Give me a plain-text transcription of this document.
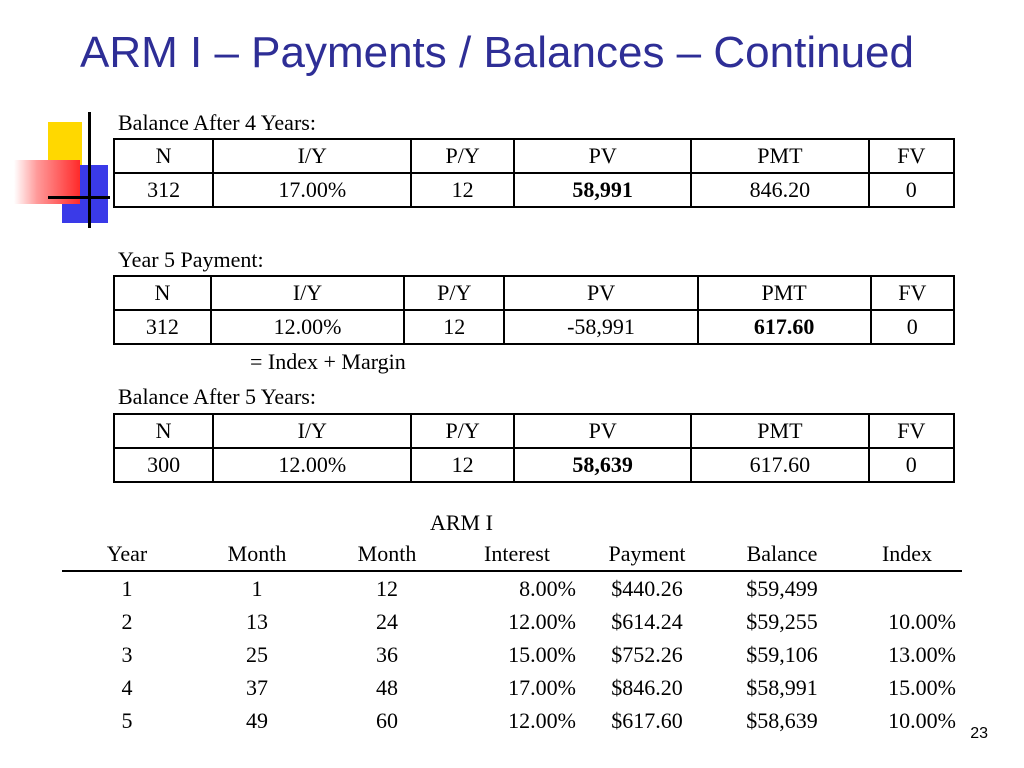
ARM I – Payments / Balances – Continued
Balance After 4 Years:
N	I/Y	P/Y	PV	PMT	FV
312	17.00%	12	58,991	846.20	0
Year 5 Payment:
N	I/Y	P/Y	PV	PMT	FV
312	12.00%	12	-58,991	617.60	0
= Index + Margin
Balance After 5 Years:
N	I/Y	P/Y	PV	PMT	FV
300	12.00%	12	58,639	617.60	0
ARM I
Year	Month	Month	Interest	Payment	Balance	Index
1	1	12	8.00%	$440.26	$59,499	
2	13	24	12.00%	$614.24	$59,255	10.00%
3	25	36	15.00%	$752.26	$59,106	13.00%
4	37	48	17.00%	$846.20	$58,991	15.00%
5	49	60	12.00%	$617.60	$58,639	10.00%
23
